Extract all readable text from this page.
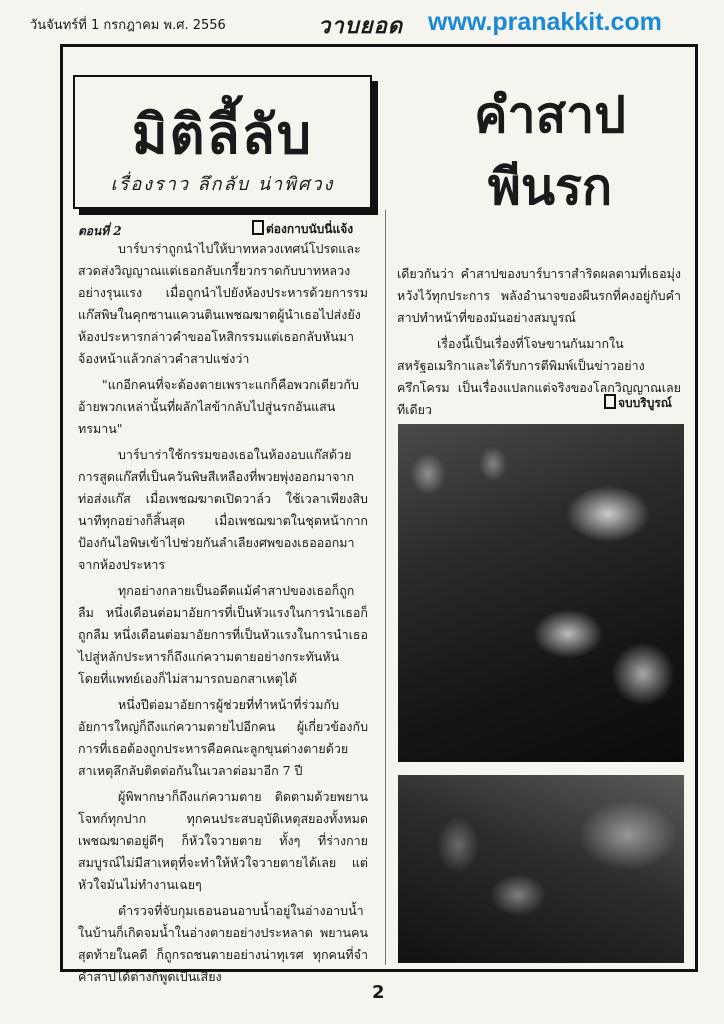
วันจันทร์ที่ 1 กรกฎาคม พ.ศ. 2556	วาบยอด www.pranakkit.com
มิติลี้ลับ
เรื่องราว ลึกลับ น่าพิศวง
คำสาป
พีนรก
ตอนที่ 2	ต่องกาบนับนี่แจ้ง

บาร์บาร่าถูกนำไปให้บาทหลวงเทศน์โปรดและสวดส่งวิญญาณแต่เธอกลับเกรี้ยวกราดกับบาทหลวงอย่างรุนแรง เมื่อถูกนำไปยังห้องประหารด้วยการรมแก๊สพิษในคุกซานแควนตินเพชฌฆาตผู้นำเธอไปส่งยังห้องประหารกล่าวคำขออโหสิกรรมแต่เธอกลับหันมาจ้องหน้าแล้วกล่าวคำสาปแช่งว่า

"แกอีกคนที่จะต้องตายเพราะแกก็คือพวกเดียวกับอ้ายพวกเหล่านั้นที่ผลักไสข้ากลับไปสู่นรกอันแสน ทรมาน"

บาร์บาร่าใช้กรรมของเธอในห้องอบแก๊สด้วยการสูดแก๊สที่เป็นควันพิษสีเหลืองที่พวยพุ่งออกมาจากท่อส่งแก๊ส เมื่อเพชฌฆาตเปิดวาล์ว ใช้เวลาเพียงสิบนาทีทุกอย่างก็สิ้นสุด เมื่อเพชฌฆาตในชุดหน้ากากป้องกันไอพิษเข้าไปช่วยกันลำเลียงศพของเธอออกมาจากห้องประหาร

ทุกอย่างกลายเป็นอดีตแม้คำสาปของเธอก็ถูกลืม หนึ่งเดือนต่อมาอัยการที่เป็นหัวแรงในการนำเธอก็ถูกลืม หนึ่งเดือนต่อมาอัยการที่เป็นหัวแรงในการนำเธอไปสู่หลักประหารก็ถึงแก่ความตายอย่างกระทันหันโดยที่แพทย์เองก็ไม่สามารถบอกสาเหตุได้

หนึ่งปีต่อมาอัยการผู้ช่วยที่ทำหน้าที่ร่วมกับอัยการใหญ่ก็ถึงแก่ความตายไปอีกคน ผู้เกี่ยวข้องกับการที่เธอต้องถูกประหารคือคณะลูกขุนต่างตายด้วยสาเหตุลึกลับติดต่อกันในเวลาต่อมาอีก 7 ปี

ผู้พิพากษาก็ถึงแก่ความตาย ติดตามด้วยพยานโจทก์ทุกปาก ทุกคนประสบอุบัติเหตุสยองทั้งหมด เพชฌฆาตอยู่ดีๆ ก็หัวใจวายตาย ทั้งๆ ที่ร่างกายสมบูรณ์ไม่มีสาเหตุที่จะทำให้หัวใจวายตายได้เลย แต่หัวใจมันไม่ทำงานเฉยๆ

ตำรวจที่จับกุมเธอนอนอาบน้ำอยู่ในอ่างอาบน้ำในบ้านก็เกิดจมน้ำในอ่างตายอย่างประหลาด พยานคนสุดท้ายในคดี ก็ถูกรถชนตายอย่างน่าทุเรศ ทุกคนที่จำคำสาปได้ต่างก็พูดเป็นเสียง

เดียวกันว่า คำสาปของบาร์บาราสำริดผลตามที่เธอมุ่งหวังไว้ทุกประการ พลังอำนาจของผีนรกที่คงอยู่กับคำสาปทำหน้าที่ของมันอย่างสมบูรณ์

เรื่องนี้เป็นเรื่องที่โจษขานกันมากในสหรัฐอเมริกาและได้รับการตีพิมพ์เป็นข่าวอย่างครึกโครม เป็นเรื่องแปลกแต่จริงของโลกวิญญาณเลยทีเดียว	จบบริบูรณ์
2
